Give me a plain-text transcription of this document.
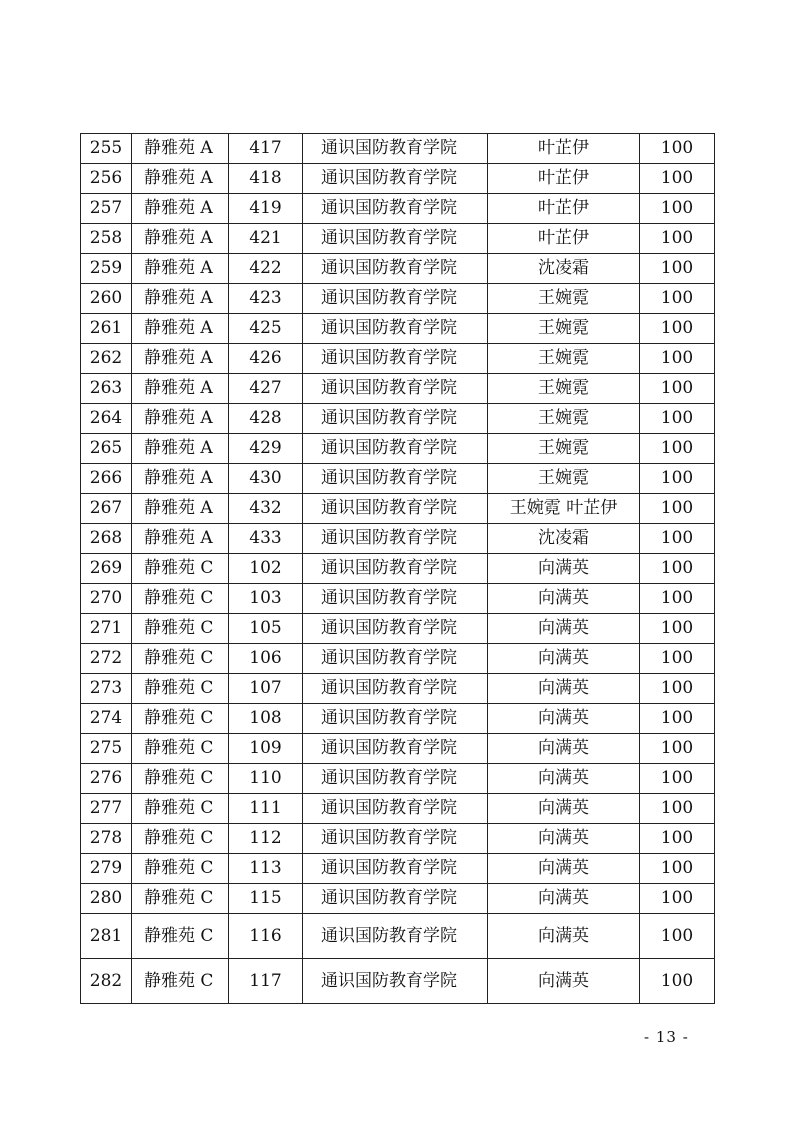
255	静雅苑 A	417	通识国防教育学院	叶芷伊	100
256	静雅苑 A	418	通识国防教育学院	叶芷伊	100
257	静雅苑 A	419	通识国防教育学院	叶芷伊	100
258	静雅苑 A	421	通识国防教育学院	叶芷伊	100
259	静雅苑 A	422	通识国防教育学院	沈凌霜	100
260	静雅苑 A	423	通识国防教育学院	王婉霓	100
261	静雅苑 A	425	通识国防教育学院	王婉霓	100
262	静雅苑 A	426	通识国防教育学院	王婉霓	100
263	静雅苑 A	427	通识国防教育学院	王婉霓	100
264	静雅苑 A	428	通识国防教育学院	王婉霓	100
265	静雅苑 A	429	通识国防教育学院	王婉霓	100
266	静雅苑 A	430	通识国防教育学院	王婉霓	100
267	静雅苑 A	432	通识国防教育学院	王婉霓 叶芷伊	100
268	静雅苑 A	433	通识国防教育学院	沈凌霜	100
269	静雅苑 C	102	通识国防教育学院	向满英	100
270	静雅苑 C	103	通识国防教育学院	向满英	100
271	静雅苑 C	105	通识国防教育学院	向满英	100
272	静雅苑 C	106	通识国防教育学院	向满英	100
273	静雅苑 C	107	通识国防教育学院	向满英	100
274	静雅苑 C	108	通识国防教育学院	向满英	100
275	静雅苑 C	109	通识国防教育学院	向满英	100
276	静雅苑 C	110	通识国防教育学院	向满英	100
277	静雅苑 C	111	通识国防教育学院	向满英	100
278	静雅苑 C	112	通识国防教育学院	向满英	100
279	静雅苑 C	113	通识国防教育学院	向满英	100
280	静雅苑 C	115	通识国防教育学院	向满英	100
281	静雅苑 C	116	通识国防教育学院	向满英	100
282	静雅苑 C	117	通识国防教育学院	向满英	100
- 13 -
